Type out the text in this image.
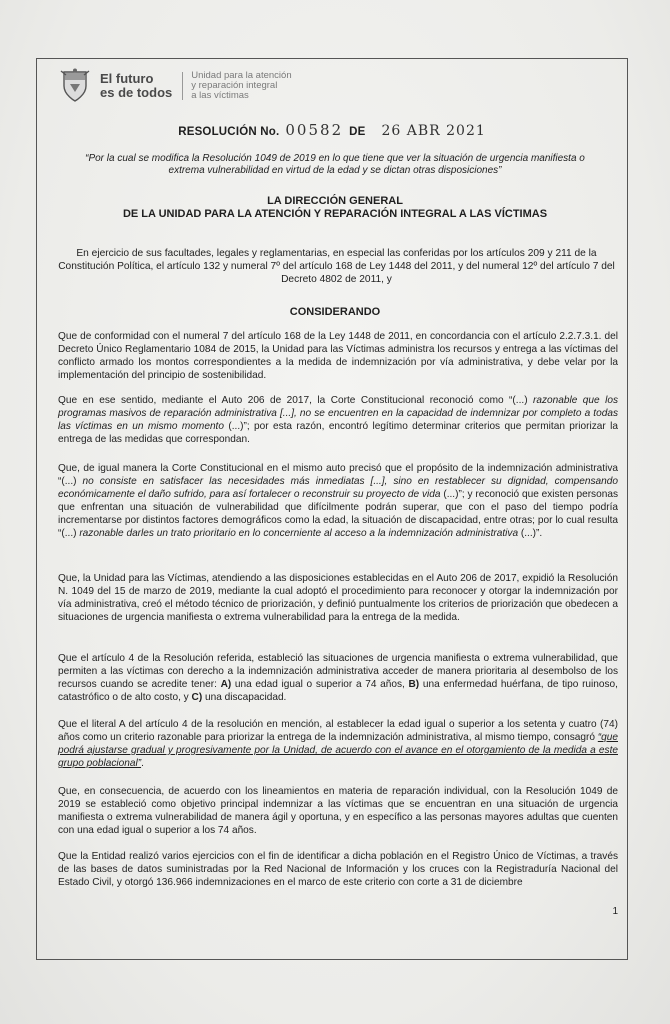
El futuro
es de todos
Unidad para la atención
y reparación integral
a las víctimas
RESOLUCIÓN No. 00582 DE 26 ABR 2021
“Por la cual se modifica la Resolución 1049 de 2019 en lo que tiene que ver la situación de urgencia manifiesta o extrema vulnerabilidad en virtud de la edad y se dictan otras disposiciones”
LA DIRECCIÓN GENERAL
DE LA UNIDAD PARA LA ATENCIÓN Y REPARACIÓN INTEGRAL A LAS VÍCTIMAS
En ejercicio de sus facultades, legales y reglamentarias, en especial las conferidas por los artículos 209 y 211 de la Constitución Política, el artículo 132 y numeral 7º del artículo 168 de Ley 1448 del 2011, y del numeral 12º del artículo 7 del Decreto 4802 de 2011, y
CONSIDERANDO
Que de conformidad con el numeral 7 del artículo 168 de la Ley 1448 de 2011, en concordancia con el artículo 2.2.7.3.1. del Decreto Único Reglamentario 1084 de 2015, la Unidad para las Víctimas administra los recursos y entrega a las víctimas del conflicto armado los montos correspondientes a la medida de indemnización por vía administrativa, y debe velar por la implementación del principio de sostenibilidad.
Que en ese sentido, mediante el Auto 206 de 2017, la Corte Constitucional reconoció como “(...) razonable que los programas masivos de reparación administrativa [...], no se encuentren en la capacidad de indemnizar por completo a todas las víctimas en un mismo momento (...)”; por esta razón, encontró legítimo determinar criterios que permitan priorizar la entrega de las medidas que correspondan.
Que, de igual manera la Corte Constitucional en el mismo auto precisó que el propósito de la indemnización administrativa “(...) no consiste en satisfacer las necesidades más inmediatas [...], sino en restablecer su dignidad, compensando económicamente el daño sufrido, para así fortalecer o reconstruir su proyecto de vida (...)”; y reconoció que existen personas que enfrentan una situación de vulnerabilidad que difícilmente podrán superar, que con el paso del tiempo podría incrementarse por distintos factores demográficos como la edad, la situación de discapacidad, entre otras; por lo cual resulta “(...) razonable darles un trato prioritario en lo concerniente al acceso a la indemnización administrativa (...)”.
Que, la Unidad para las Víctimas, atendiendo a las disposiciones establecidas en el Auto 206 de 2017, expidió la Resolución N. 1049 del 15 de marzo de 2019, mediante la cual adoptó el procedimiento para reconocer y otorgar la indemnización por vía administrativa, creó el método técnico de priorización, y definió puntualmente los criterios de priorización que obedecen a situaciones de urgencia manifiesta o extrema vulnerabilidad para la entrega de la medida.
Que el artículo 4 de la Resolución referida, estableció las situaciones de urgencia manifiesta o extrema vulnerabilidad, que permiten a las víctimas con derecho a la indemnización administrativa acceder de manera prioritaria al desembolso de los recursos cuando se acredite tener: A) una edad igual o superior a 74 años, B) una enfermedad huérfana, de tipo ruinoso, catastrófico o de alto costo, y C) una discapacidad.
Que el literal A del artículo 4 de la resolución en mención, al establecer la edad igual o superior a los setenta y cuatro (74) años como un criterio razonable para priorizar la entrega de la indemnización administrativa, al mismo tiempo, consagró “que podrá ajustarse gradual y progresivamente por la Unidad, de acuerdo con el avance en el otorgamiento de la medida a este grupo poblacional”.
Que, en consecuencia, de acuerdo con los lineamientos en materia de reparación individual, con la Resolución 1049 de 2019 se estableció como objetivo principal indemnizar a las víctimas que se encuentran en una situación de urgencia manifiesta o extrema vulnerabilidad de manera ágil y oportuna, y en específico a las personas mayores adultas que cuenten con una edad igual o superior a los 74 años.
Que la Entidad realizó varios ejercicios con el fin de identificar a dicha población en el Registro Único de Víctimas, a través de las bases de datos suministradas por la Red Nacional de Información y los cruces con la Registraduría Nacional del Estado Civil, y otorgó 136.966 indemnizaciones en el marco de este criterio con corte a 31 de diciembre
1
